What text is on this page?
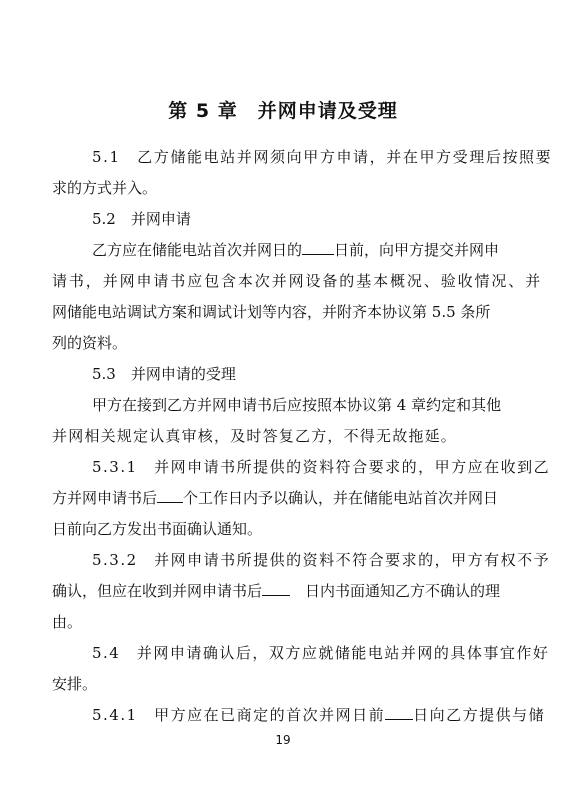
第 5 章　并网申请及受理
5.1　乙方储能电站并网须向甲方申请，并在甲方受理后按照要
求的方式并入。
5.2　并网申请
乙方应在储能电站首次并网日的 日前，向甲方提交并网申
请书，并网申请书应包含本次并网设备的基本概况、验收情况、并
网储能电站调试方案和调试计划等内容，并附齐本协议第 5.5 条所
列的资料。
5.3　并网申请的受理
甲方在接到乙方并网申请书后应按照本协议第 4 章约定和其他
并网相关规定认真审核，及时答复乙方，不得无故拖延。
5.3.1　并网申请书所提供的资料符合要求的，甲方应在收到乙
方并网申请书后 个工作日内予以确认，并在储能电站首次并网日
日前向乙方发出书面确认通知。
5.3.2　并网申请书所提供的资料不符合要求的，甲方有权不予
确认，但应在收到并网申请书后 	日内书面通知乙方不确认的理
由。
5.4　并网申请确认后，双方应就储能电站并网的具体事宜作好
安排。
5.4.1　甲方应在已商定的首次并网日前 日向乙方提供与储
19
